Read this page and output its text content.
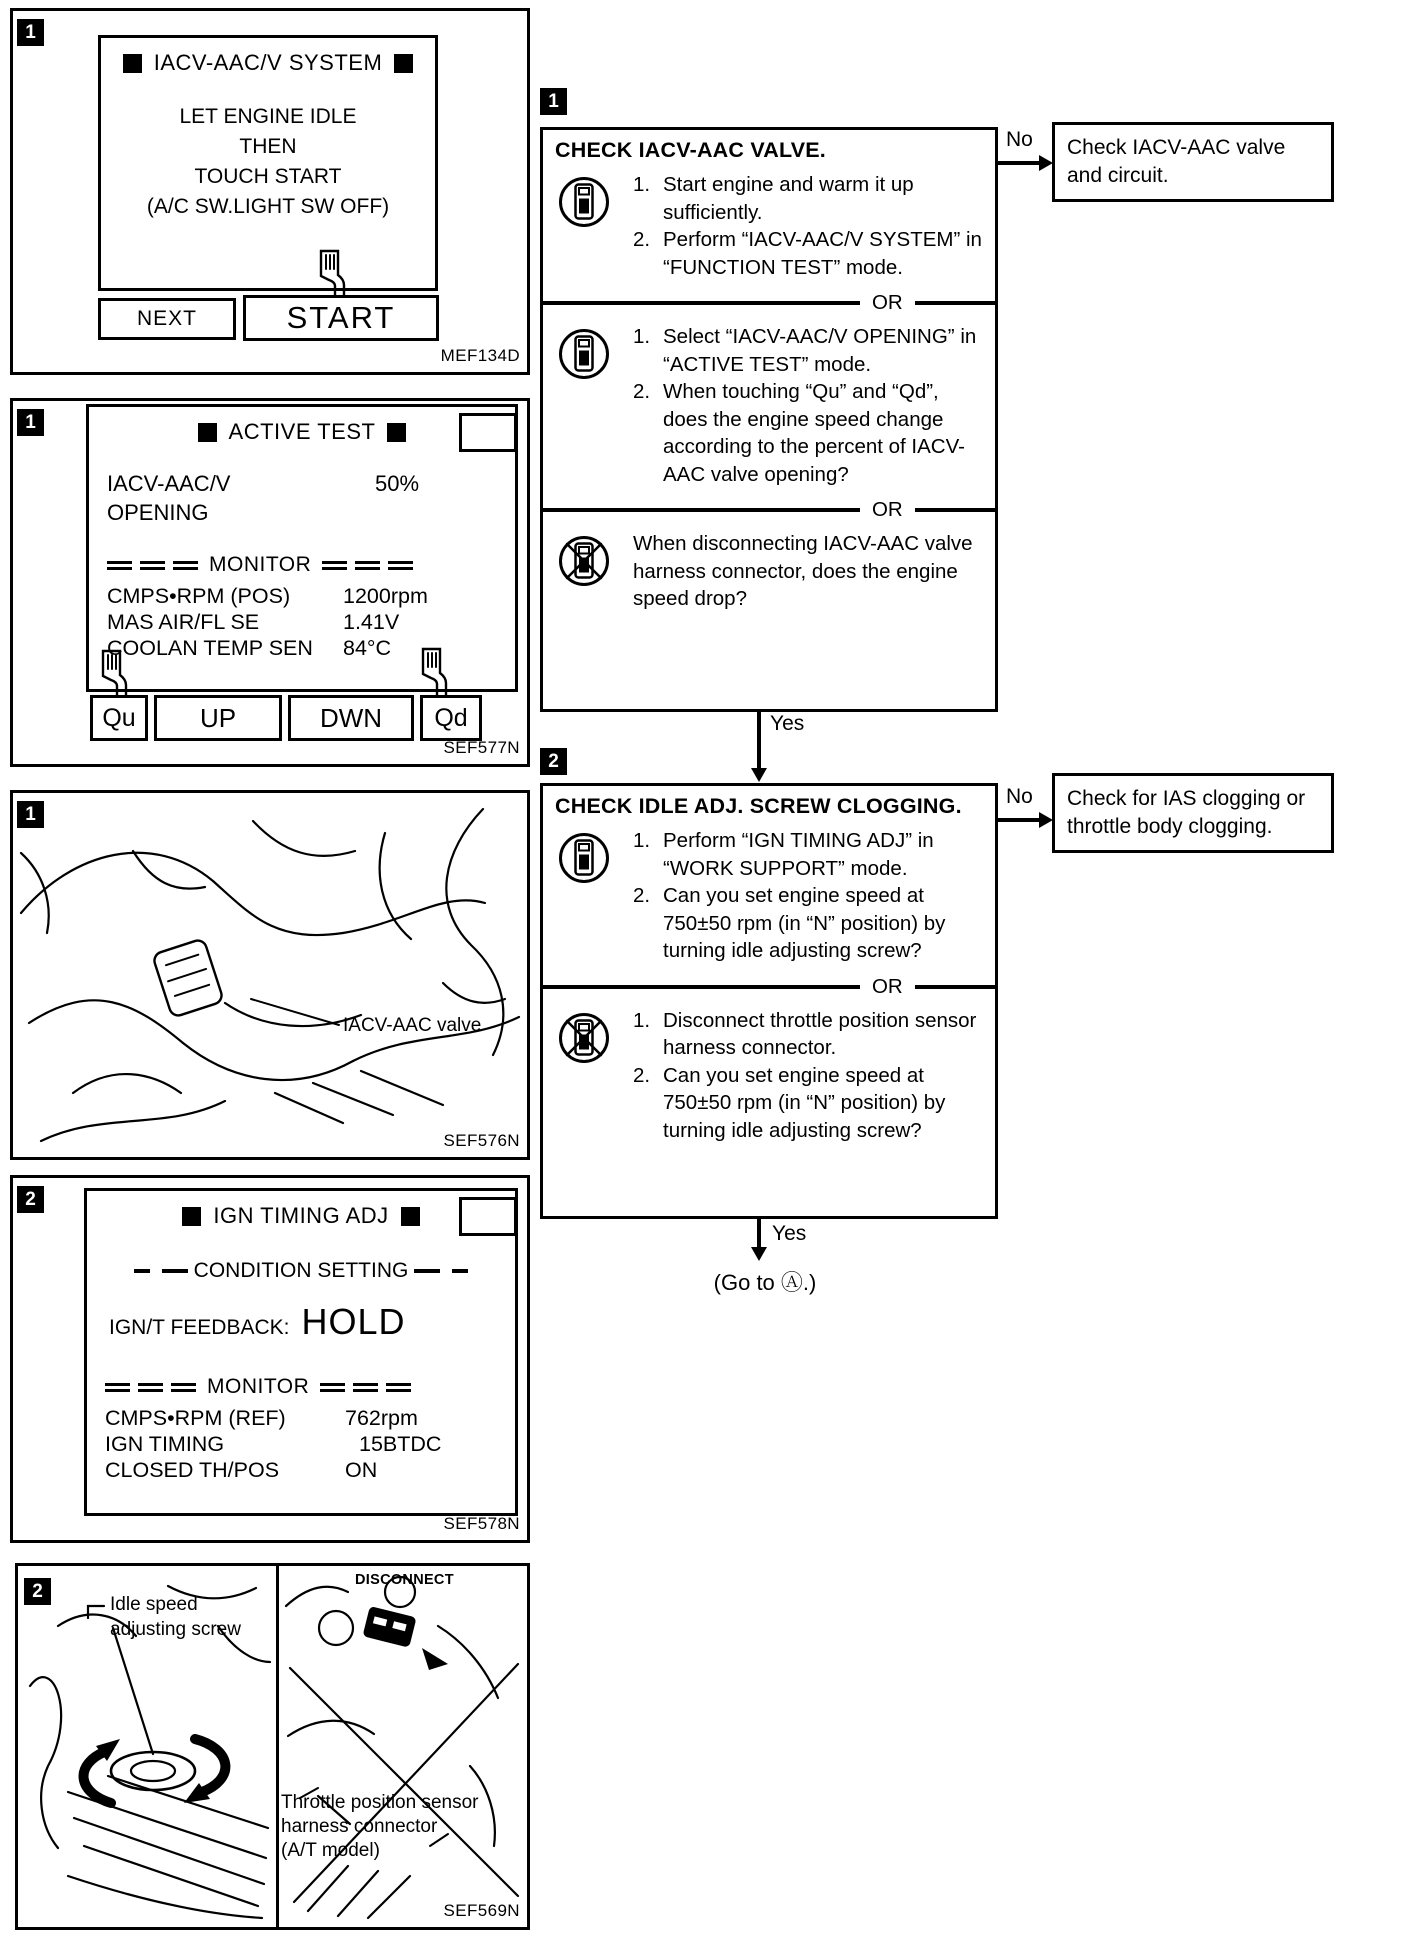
1
IACV-AAC/V SYSTEM
LET ENGINE IDLE
THEN
TOUCH START
(A/C SW.LIGHT SW OFF)
NEXT	START
MEF134D
1	ACTIVE TEST
IACV-AAC/V
OPENING
50%
MONITOR
CMPS•RPM (POS)	1200rpm
MAS AIR/FL SE	1.41V
COOLAN TEMP SEN	84°C
Qu	UP	DWN	Qd
SEF577N
1
IACV-AAC valve
SEF576N
2
IGN TIMING ADJ
CONDITION SETTING
IGN/T FEEDBACK: HOLD
MONITOR
CMPS•RPM (REF)	762rpm
IGN TIMING	15BTDC
CLOSED TH/POS	ON
SEF578N
2
Idle speed
adjusting screw
DISCONNECT
Throttle position sensor
harness connector
(A/T model)
SEF569N
1
CHECK IACV-AAC VALVE.
1. Start engine and warm it up sufficiently.
2. Perform “IACV-AAC/V SYSTEM” in “FUNCTION TEST” mode.
OR
1. Select “IACV-AAC/V OPENING” in “ACTIVE TEST” mode.
2. When touching “Qu” and “Qd”, does the engine speed change according to the percent of IACV-AAC valve opening?
OR
When disconnecting IACV-AAC valve harness connector, does the engine speed drop?
No	Check IACV-AAC valve and circuit.
Yes
2
CHECK IDLE ADJ. SCREW CLOGGING.
1. Perform “IGN TIMING ADJ” in “WORK SUPPORT” mode.
2. Can you set engine speed at 750±50 rpm (in “N” position) by turning idle adjusting screw?
OR
1. Disconnect throttle position sensor harness connector.
2. Can you set engine speed at 750±50 rpm (in “N” position) by turning idle adjusting screw?
No	Check for IAS clogging or throttle body clogging.
Yes
(Go to Ⓐ.)
